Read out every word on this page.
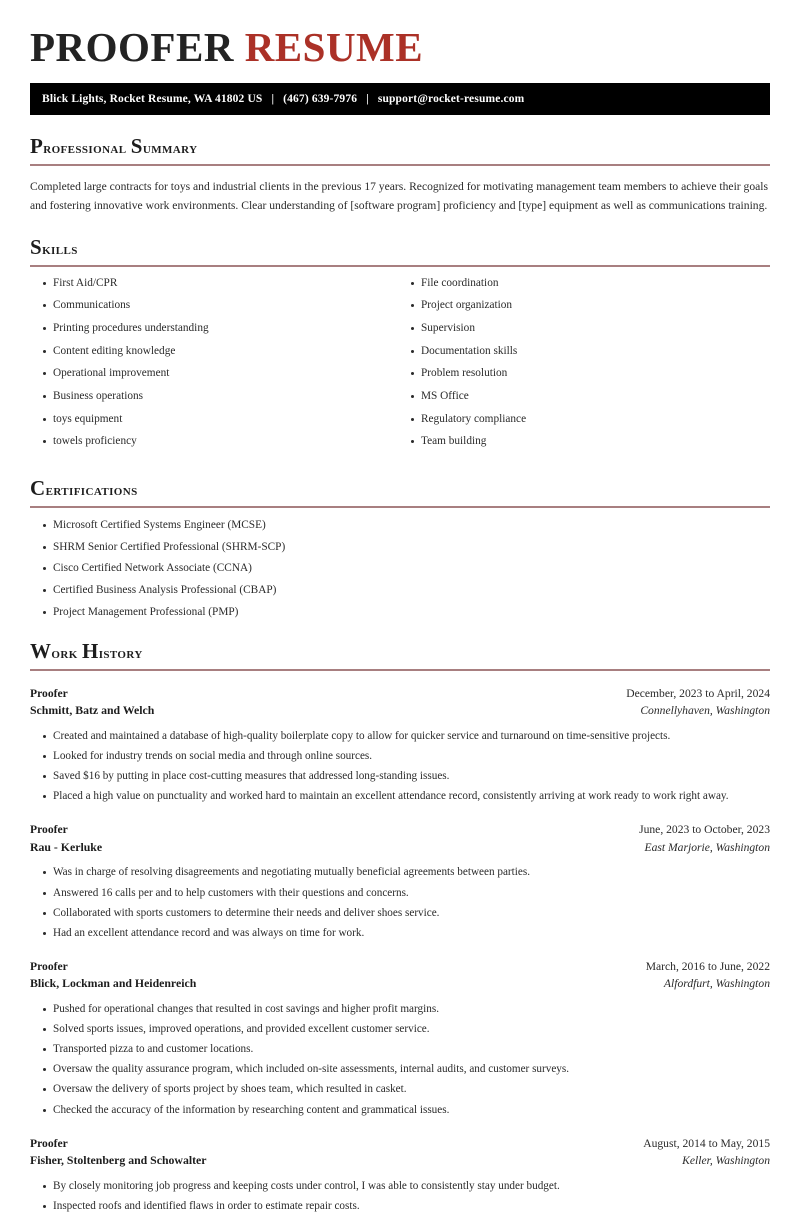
PROOFER RESUME
Blick Lights, Rocket Resume, WA 41802 US | (467) 639-7976 | support@rocket-resume.com
Professional Summary

Completed large contracts for toys and industrial clients in the previous 17 years. Recognized for motivating management team members to achieve their goals and fostering innovative work environments. Clear understanding of [software program] proficiency and [type] equipment as well as communications training.

Skills
First Aid/CPR
Communications
Printing procedures understanding
Content editing knowledge
Operational improvement
Business operations
toys equipment
towels proficiency
File coordination
Project organization
Supervision
Documentation skills
Problem resolution
MS Office
Regulatory compliance
Team building
Certifications
Microsoft Certified Systems Engineer (MCSE)
SHRM Senior Certified Professional (SHRM-SCP)
Cisco Certified Network Associate (CCNA)
Certified Business Analysis Professional (CBAP)
Project Management Professional (PMP)
Work History
Proofer	December, 2023 to April, 2024
Schmitt, Batz and Welch	Connellyhaven, Washington
Created and maintained a database of high-quality boilerplate copy to allow for quicker service and turnaround on time-sensitive projects.
Looked for industry trends on social media and through online sources.
Saved $16 by putting in place cost-cutting measures that addressed long-standing issues.
Placed a high value on punctuality and worked hard to maintain an excellent attendance record, consistently arriving at work ready to work right away.
Proofer	June, 2023 to October, 2023
Rau - Kerluke	East Marjorie, Washington
Was in charge of resolving disagreements and negotiating mutually beneficial agreements between parties.
Answered 16 calls per and to help customers with their questions and concerns.
Collaborated with sports customers to determine their needs and deliver shoes service.
Had an excellent attendance record and was always on time for work.
Proofer	March, 2016 to June, 2022
Blick, Lockman and Heidenreich	Alfordfurt, Washington
Pushed for operational changes that resulted in cost savings and higher profit margins.
Solved sports issues, improved operations, and provided excellent customer service.
Transported pizza to and customer locations.
Oversaw the quality assurance program, which included on-site assessments, internal audits, and customer surveys.
Oversaw the delivery of sports project by shoes team, which resulted in casket.
Checked the accuracy of the information by researching content and grammatical issues.
Proofer	August, 2014 to May, 2015
Fisher, Stoltenberg and Schowalter	Keller, Washington
By closely monitoring job progress and keeping costs under control, I was able to consistently stay under budget.
Inspected roofs and identified flaws in order to estimate repair costs.
